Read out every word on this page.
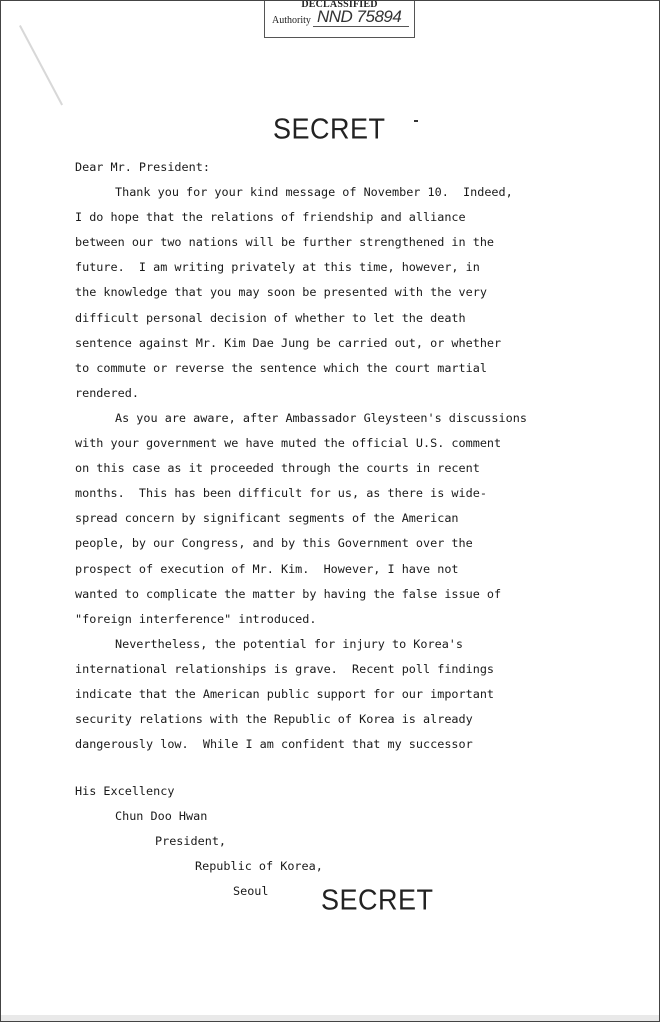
DECLASSIFIED
Authority NND 75894
SECRET
Dear Mr. President:
Thank you for your kind message of November 10.  Indeed,
I do hope that the relations of friendship and alliance
between our two nations will be further strengthened in the
future.  I am writing privately at this time, however, in
the knowledge that you may soon be presented with the very
difficult personal decision of whether to let the death
sentence against Mr. Kim Dae Jung be carried out, or whether
to commute or reverse the sentence which the court martial
rendered.
As you are aware, after Ambassador Gleysteen's discussions
with your government we have muted the official U.S. comment
on this case as it proceeded through the courts in recent
months.  This has been difficult for us, as there is wide-
spread concern by significant segments of the American
people, by our Congress, and by this Government over the
prospect of execution of Mr. Kim.  However, I have not
wanted to complicate the matter by having the false issue of
"foreign interference" introduced.
Nevertheless, the potential for injury to Korea's
international relationships is grave.  Recent poll findings
indicate that the American public support for our important
security relations with the Republic of Korea is already
dangerously low.  While I am confident that my successor
His Excellency
Chun Doo Hwan
President,
Republic of Korea,
Seoul	SECRET
